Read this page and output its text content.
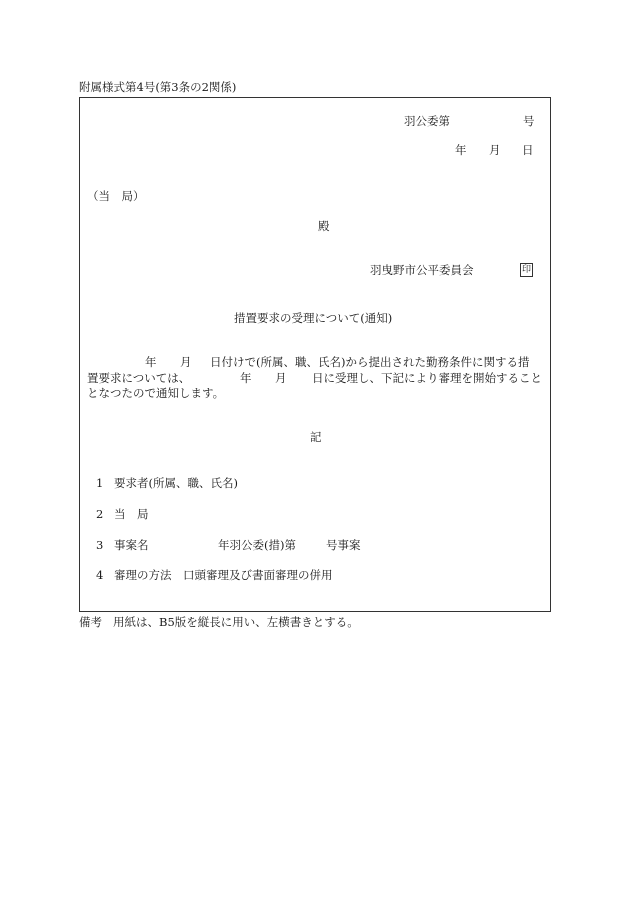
附属様式第4号(第3条の2関係)
羽公委第	号
年 月 日
（当　局）
殿
羽曳野市公平委員会	印
措置要求の受理について(通知)
年 月 日付けで(所属、職、氏名)から提出された勤務条件に関する措
置要求については、	年 月 日に受理し、下記により審理を開始すること
となつたので通知します。
記
1 要求者(所属、職、氏名)
2 当　局
3 事案名	年羽公委(措)第	号事案
4 審理の方法 口頭審理及び書面審理の併用
備考 用紙は、B5版を縦長に用い、左横書きとする。
